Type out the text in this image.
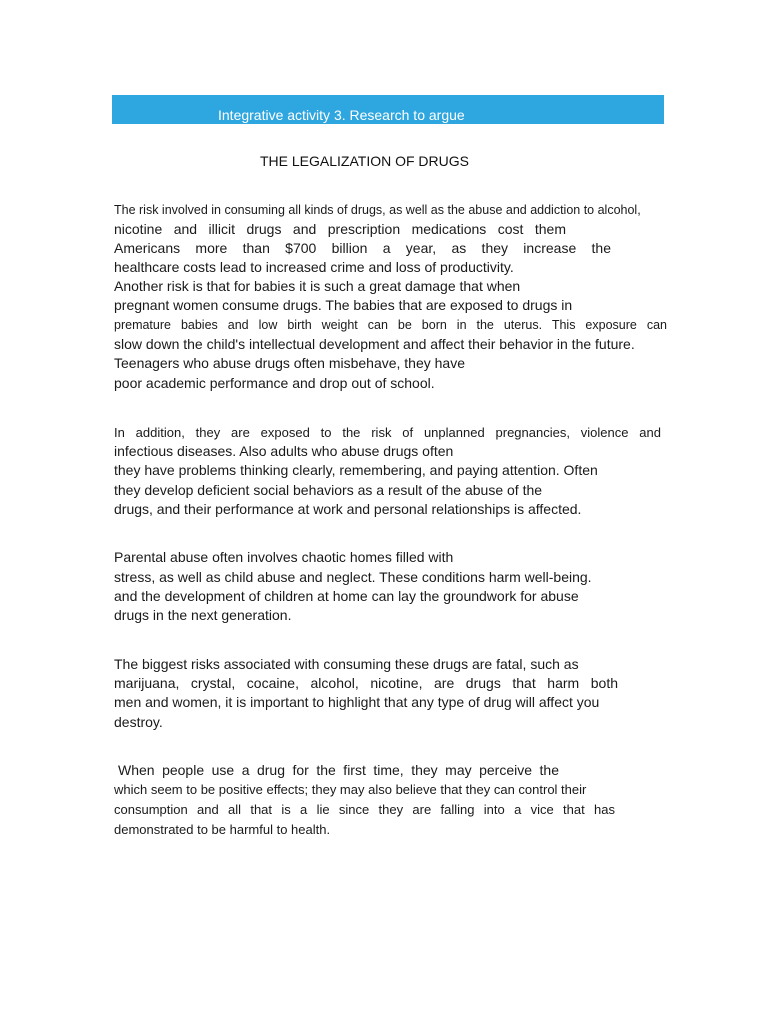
Integrative activity 3. Research to argue
THE LEGALIZATION OF DRUGS
The risk involved in consuming all kinds of drugs, as well as the abuse and addiction to alcohol,
nicotine and illicit drugs and prescription medications cost them
Americans more than $700 billion a year, as they increase the
healthcare costs lead to increased crime and loss of productivity.
Another risk is that for babies it is such a great damage that when
pregnant women consume drugs. The babies that are exposed to drugs in
premature babies and low birth weight can be born in the uterus. This exposure can
slow down the child's intellectual development and affect their behavior in the future.
Teenagers who abuse drugs often misbehave, they have
poor academic performance and drop out of school.
In addition, they are exposed to the risk of unplanned pregnancies, violence and
infectious diseases. Also adults who abuse drugs often
they have problems thinking clearly, remembering, and paying attention. Often
they develop deficient social behaviors as a result of the abuse of the
drugs, and their performance at work and personal relationships is affected.
Parental abuse often involves chaotic homes filled with
stress, as well as child abuse and neglect. These conditions harm well-being.
and the development of children at home can lay the groundwork for abuse
drugs in the next generation.
The biggest risks associated with consuming these drugs are fatal, such as
marijuana, crystal, cocaine, alcohol, nicotine, are drugs that harm both
men and women, it is important to highlight that any type of drug will affect you
destroy.
When people use a drug for the first time, they may perceive the
which seem to be positive effects; they may also believe that they can control their
consumption and all that is a lie since they are falling into a vice that has
demonstrated to be harmful to health.
